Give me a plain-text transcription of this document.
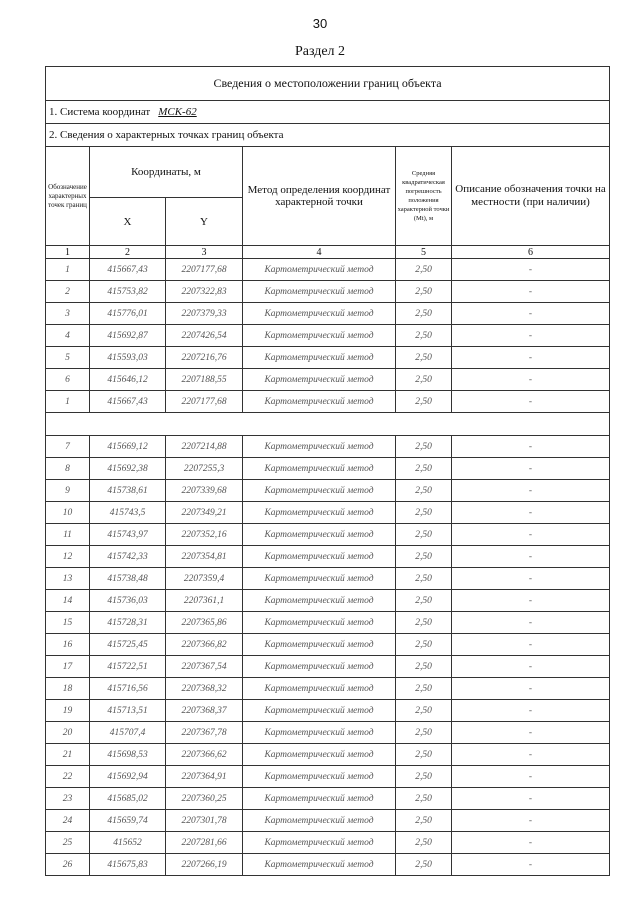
30
Раздел 2
Сведения о местоположении границ объекта					
1. Система координат МСК-62					
2. Сведения о характерных точках границ объекта					
Обозначение характерных точек границ	Координаты, м		Метод определения координат характерной точки	Средняя квадратическая погрешность положения характерной точки (Mt), м	Описание обозначения точки на местности (при наличии)
	X	Y			
1	2	3	4	5	6
1	415667,43	2207177,68	Картометрический метод	2,50	-
2	415753,82	2207322,83	Картометрический метод	2,50	-
3	415776,01	2207379,33	Картометрический метод	2,50	-
4	415692,87	2207426,54	Картометрический метод	2,50	-
5	415593,03	2207216,76	Картометрический метод	2,50	-
6	415646,12	2207188,55	Картометрический метод	2,50	-
1	415667,43	2207177,68	Картометрический метод	2,50	-

7	415669,12	2207214,88	Картометрический метод	2,50	-
8	415692,38	2207255,3	Картометрический метод	2,50	-
9	415738,61	2207339,68	Картометрический метод	2,50	-
10	415743,5	2207349,21	Картометрический метод	2,50	-
11	415743,97	2207352,16	Картометрический метод	2,50	-
12	415742,33	2207354,81	Картометрический метод	2,50	-
13	415738,48	2207359,4	Картометрический метод	2,50	-
14	415736,03	2207361,1	Картометрический метод	2,50	-
15	415728,31	2207365,86	Картометрический метод	2,50	-
16	415725,45	2207366,82	Картометрический метод	2,50	-
17	415722,51	2207367,54	Картометрический метод	2,50	-
18	415716,56	2207368,32	Картометрический метод	2,50	-
19	415713,51	2207368,37	Картометрический метод	2,50	-
20	415707,4	2207367,78	Картометрический метод	2,50	-
21	415698,53	2207366,62	Картометрический метод	2,50	-
22	415692,94	2207364,91	Картометрический метод	2,50	-
23	415685,02	2207360,25	Картометрический метод	2,50	-
24	415659,74	2207301,78	Картометрический метод	2,50	-
25	415652	2207281,66	Картометрический метод	2,50	-
26	415675,83	2207266,19	Картометрический метод	2,50	-
